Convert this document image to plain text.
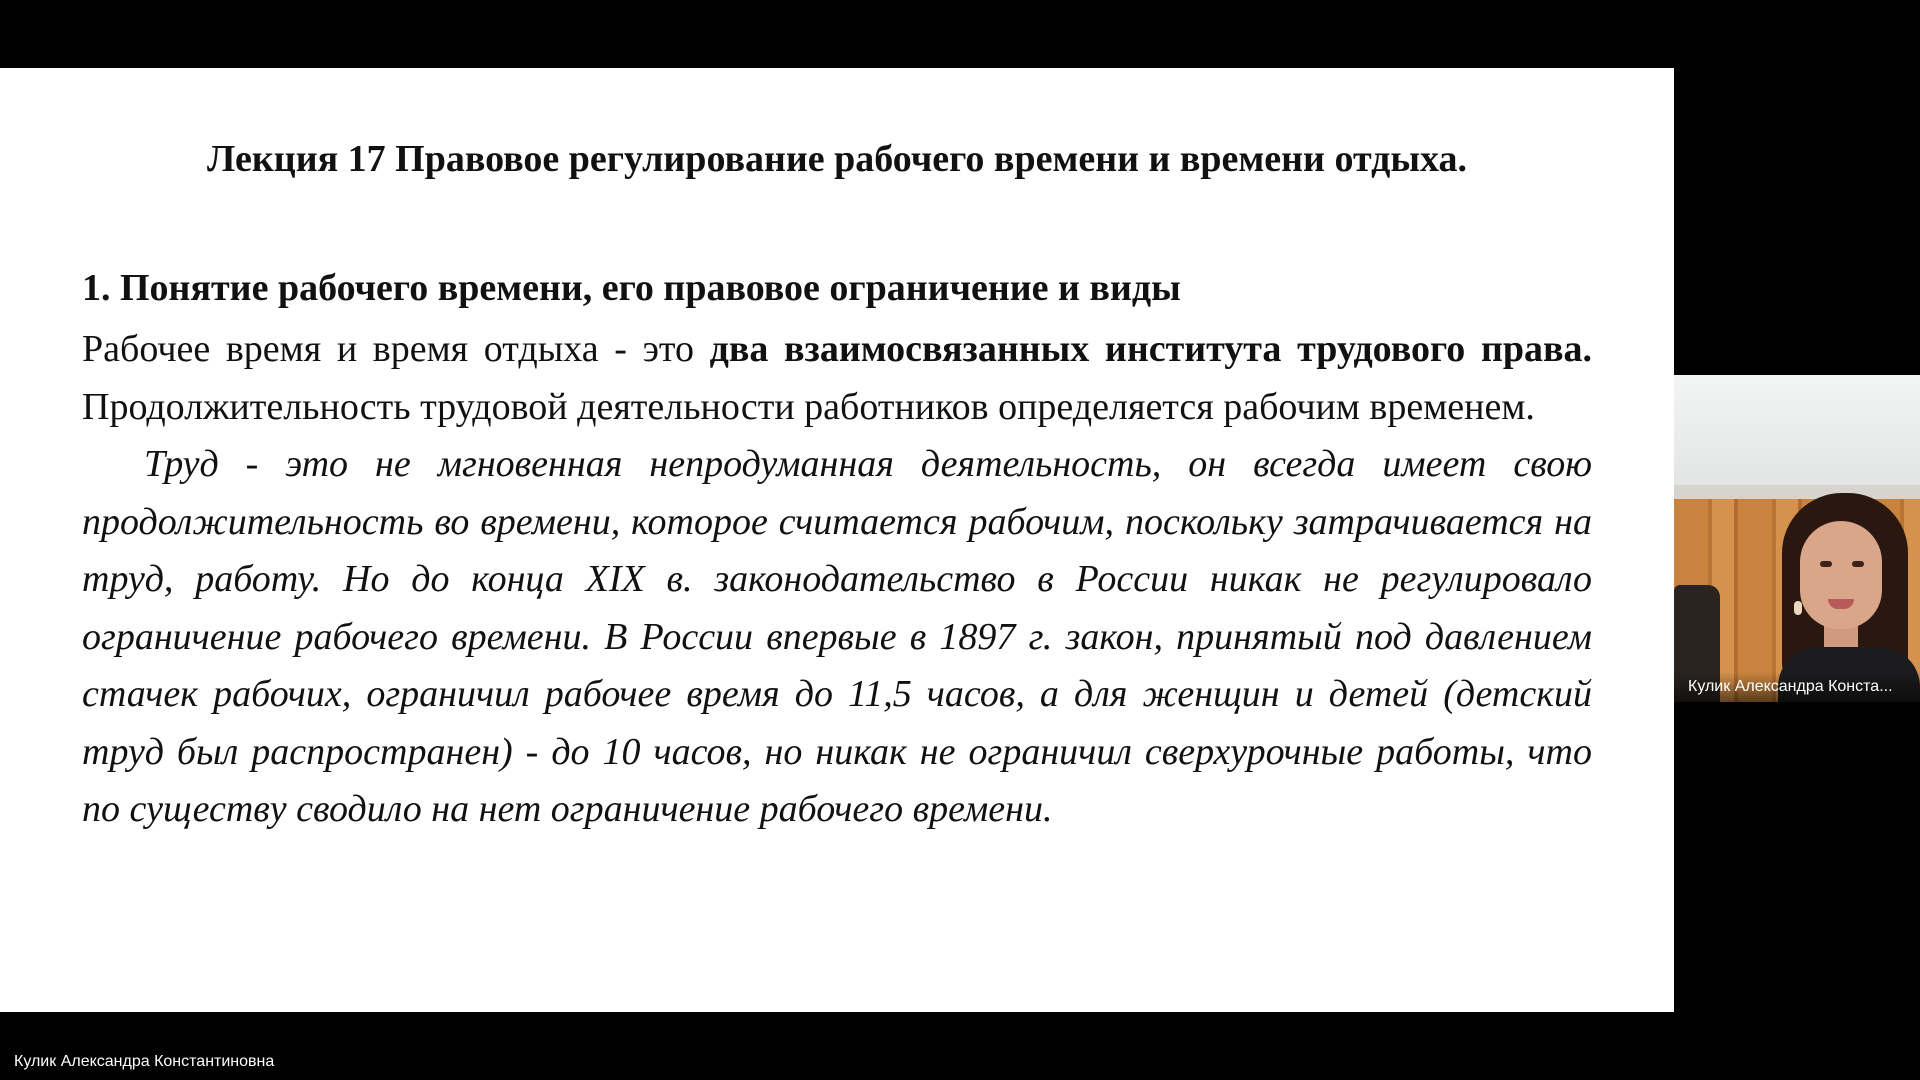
Лекция 17 Правовое регулирование рабочего времени и времени отдыха.
1. Понятие рабочего времени, его правовое ограничение и виды

Рабочее время и время отдыха - это два взаимосвязанных института трудового права. Продолжительность трудовой деятельности работников определяется рабочим временем.

Труд - это не мгновенная непродуманная деятельность, он всегда имеет свою продолжительность во времени, которое считается рабочим, поскольку затрачивается на труд, работу. Но до конца XIX в. законодательство в России никак не регулировало ограничение рабочего времени. В России впервые в 1897 г. закон, принятый под давлением стачек рабочих, ограничил рабочее время до 11,5 часов, а для женщин и детей (детский труд был распространен) - до 10 часов, но никак не ограничил сверхурочные работы, что по существу сводило на нет ограничение рабочего времени.

Кулик Александра Конста...
Кулик Александра Константиновна
